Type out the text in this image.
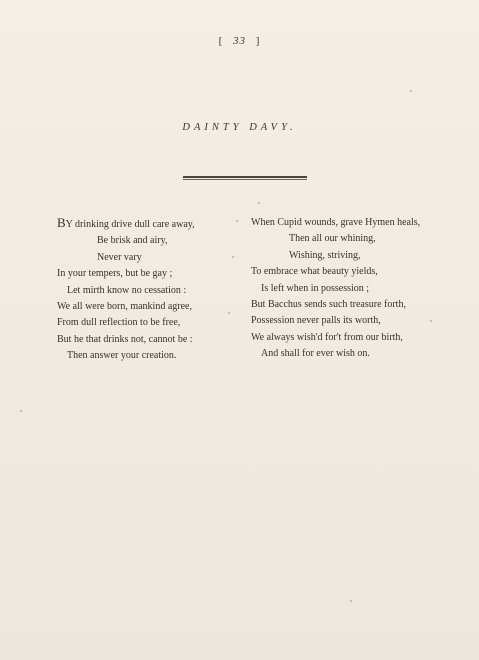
[ 33 ]
DAINTY DAVY.
BY drinking drive dull care away,
Be brisk and airy,
Never vary
In your tempers, but be gay ;
Let mirth know no cessation :
We all were born, mankind agree,
From dull reflection to be free,
But he that drinks not, cannot be :
Then answer your creation.
When Cupid wounds, grave Hymen heals,
Then all our whining,
Wishing, striving,
To embrace what beauty yields,
Is left when in possession ;
But Bacchus sends such treasure forth,
Possession never palls its worth,
We always wish'd for't from our birth,
And shall for ever wish on.
